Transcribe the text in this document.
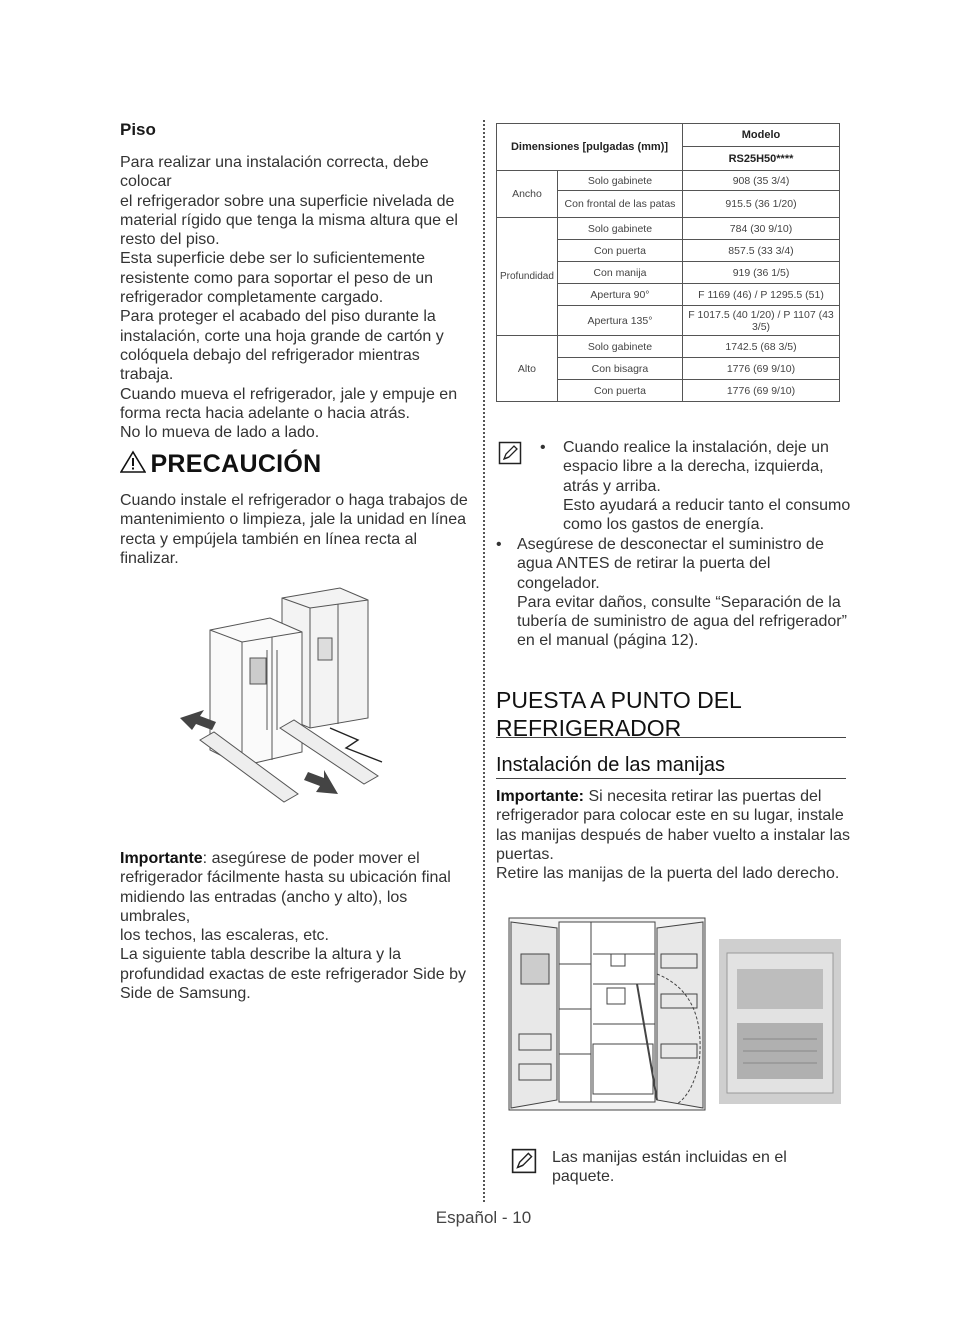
Piso

Para realizar una instalación correcta, debe colocar
el refrigerador sobre una superficie nivelada de
material rígido que tenga la misma altura que el
resto del piso.
Esta superficie debe ser lo suficientemente
resistente como para soportar el peso de un
refrigerador completamente cargado.
Para proteger el acabado del piso durante la
instalación, corte una hoja grande de cartón y
colóquela debajo del refrigerador mientras trabaja.
Cuando mueva el refrigerador, jale y empuje en
forma recta hacia adelante o hacia atrás.
No lo mueva de lado a lado.

PRECAUCIÓN

Cuando instale el refrigerador o haga trabajos de
mantenimiento o limpieza, jale la unidad en línea
recta y empújela también en línea recta al finalizar.

Importante: asegúrese de poder mover el
refrigerador fácilmente hasta su ubicación final
midiendo las entradas (ancho y alto), los umbrales,
los techos, las escaleras, etc.
La siguiente tabla describe la altura y la
profundidad exactas de este refrigerador Side by
Side de Samsung.
Dimensiones [pulgadas (mm)]		Modelo
		RS25H50****
Ancho	Solo gabinete	908 (35 3/4)
	Con frontal de las patas	915.5 (36 1/20)
Profundidad	Solo gabinete	784 (30 9/10)
	Con puerta	857.5 (33 3/4)
	Con manija	919 (36 1/5)
	Apertura 90°	F 1169 (46) / P 1295.5 (51)
	Apertura 135°	F 1017.5 (40 1/20) / P 1107 (43 3/5)
Alto	Solo gabinete	1742.5 (68 3/5)
	Con bisagra	1776 (69 9/10)
	Con puerta	1776 (69 9/10)
• Cuando realice la instalación, deje un
espacio libre a la derecha, izquierda,
atrás y arriba.
Esto ayudará a reducir tanto el consumo
como los gastos de energía.

• Asegúrese de desconectar el suministro de
agua ANTES de retirar la puerta del congelador.
Para evitar daños, consulte “Separación de la
tubería de suministro de agua del refrigerador”
en el manual (página 12).

PUESTA A PUNTO DEL
REFRIGERADOR
Instalación de las manijas
Importante: Si necesita retirar las puertas del
refrigerador para colocar este en su lugar, instale
las manijas después de haber vuelto a instalar las
puertas.
Retire las manijas de la puerta del lado derecho.

Las manijas están incluidas en el paquete.

Español - 10
